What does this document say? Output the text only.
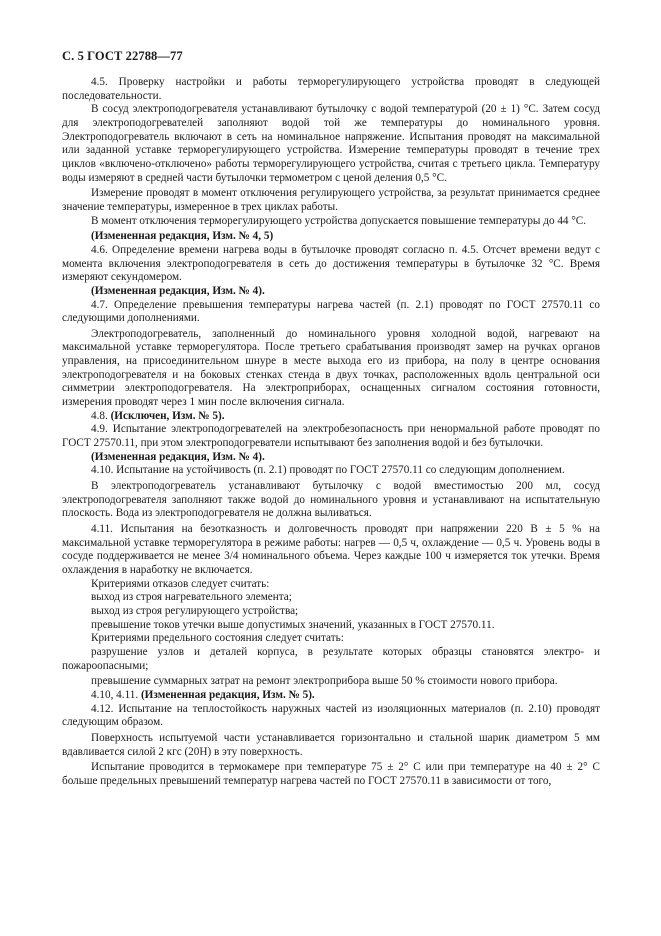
С. 5 ГОСТ 22788—77

4.5. Проверку настройки и работы терморегулирующего устройства проводят в следующей последовательности.

В сосуд электроподогревателя устанавливают бутылочку с водой температурой (20 ± 1) °С. Затем сосуд для электроподогревателей заполняют водой той же температуры до номинального уровня. Электроподогреватель включают в сеть на номинальное напряжение. Испытания проводят на максимальной или заданной уставке терморегулирующего устройства. Измерение температуры проводят в течение трех циклов «включено-отключено» работы терморегулирующего устройства, считая с третьего цикла. Температуру воды измеряют в средней части бутылочки термометром с ценой деления 0,5 °С.

Измерение проводят в момент отключения регулирующего устройства, за результат принимается среднее значение температуры, измеренное в трех циклах работы.

В момент отключения терморегулирующего устройства допускается повышение температуры до 44 °С.

(Измененная редакция, Изм. № 4, 5)

4.6. Определение времени нагрева воды в бутылочке проводят согласно п. 4.5. Отсчет времени ведут с момента включения электроподогревателя в сеть до достижения температуры в бутылочке 32 °С. Время измеряют секундомером.

(Измененная редакция, Изм. № 4).

4.7. Определение превышения температуры нагрева частей (п. 2.1) проводят по ГОСТ 27570.11 со следующими дополнениями.

Электроподогреватель, заполненный до номинального уровня холодной водой, нагревают на максимальной уставке терморегулятора. После третьего срабатывания производят замер на ручках органов управления, на присоединительном шнуре в месте выхода его из прибора, на полу в центре основания электроподогревателя и на боковых стенках стенда в двух точках, расположенных вдоль центральной оси симметрии электроподогревателя. На электроприборах, оснащенных сигналом состояния готовности, измерения проводят через 1 мин после включения сигнала.

4.8. (Исключен, Изм. № 5).

4.9. Испытание электроподогревателей на электробезопасность при ненормальной работе проводят по ГОСТ 27570.11, при этом электроподогреватели испытывают без заполнения водой и без бутылочки.

(Измененная редакция, Изм. № 4).

4.10. Испытание на устойчивость (п. 2.1) проводят по ГОСТ 27570.11 со следующим дополнением.

В электроподогреватель устанавливают бутылочку с водой вместимостью 200 мл, сосуд электроподогревателя заполняют также водой до номинального уровня и устанавливают на испытательную плоскость. Вода из электроподогревателя не должна выливаться.

4.11. Испытания на безотказность и долговечность проводят при напряжении 220 В ± 5 % на максимальной уставке терморегулятора в режиме работы: нагрев — 0,5 ч, охлаждение — 0,5 ч. Уровень воды в сосуде поддерживается не менее 3/4 номинального объема. Через каждые 100 ч измеряется ток утечки. Время охлаждения в наработку не включается.

Критериями отказов следует считать:

выход из строя нагревательного элемента;

выход из строя регулирующего устройства;

превышение токов утечки выше допустимых значений, указанных в ГОСТ 27570.11.

Критериями предельного состояния следует считать:

разрушение узлов и деталей корпуса, в результате которых образцы становятся электро- и пожароопасными;

превышение суммарных затрат на ремонт электроприбора выше 50 % стоимости нового прибора.

4.10, 4.11. (Измененная редакция, Изм. № 5).

4.12. Испытание на теплостойкость наружных частей из изоляционных материалов (п. 2.10) проводят следующим образом.

Поверхность испытуемой части устанавливается горизонтально и стальной шарик диаметром 5 мм вдавливается силой 2 кгс (20Н) в эту поверхность.

Испытание проводится в термокамере при температуре 75 ± 2° С или при температуре на 40 ± 2° С больше предельных превышений температур нагрева частей по ГОСТ 27570.11 в зависимости от того,
